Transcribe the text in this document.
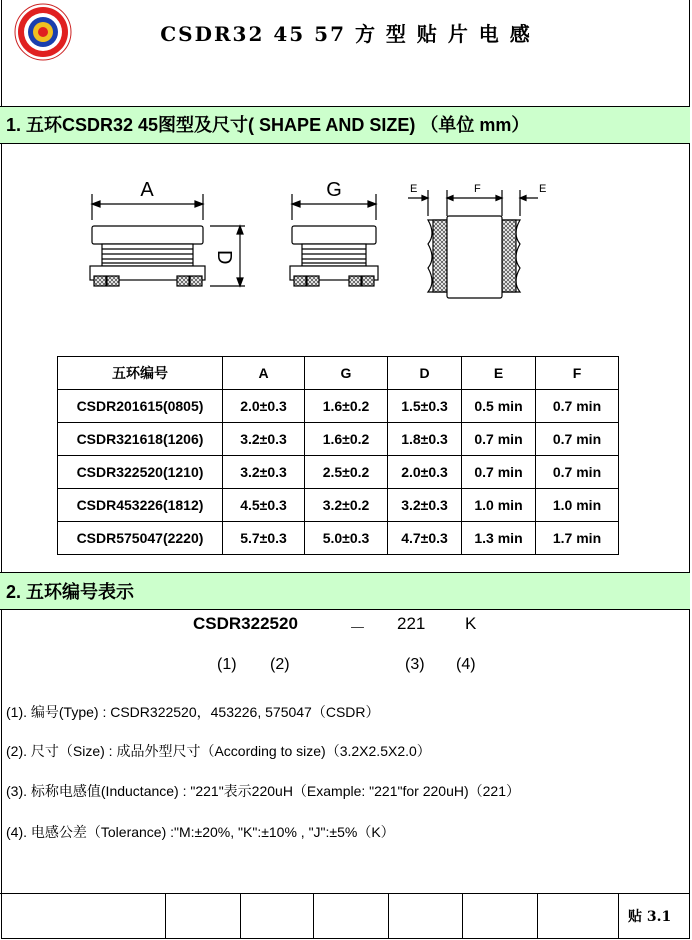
CSDR32 45 57 方 型 贴 片 电 感
1. 五环CSDR32 45图型及尺寸( SHAPE AND SIZE) （单位 mm）
A
D
G	E	F	E
五环编号	A	G	D	E	F
CSDR201615(0805)	2.0±0.3	1.6±0.2	1.5±0.3	0.5 min	0.7 min
CSDR321618(1206)	3.2±0.3	1.6±0.2	1.8±0.3	0.7 min	0.7 min
CSDR322520(1210)	3.2±0.3	2.5±0.2	2.0±0.3	0.7 min	0.7 min
CSDR453226(1812)	4.5±0.3	3.2±0.2	3.2±0.3	1.0 min	1.0 min
CSDR575047(2220)	5.7±0.3	5.0±0.3	4.7±0.3	1.3 min	1.7 min
2. 五环编号表示
CSDR322520	－ 221 K
(1) (2)	(3) (4)
(1). 编号(Type) : CSDR322520，453226, 575047（CSDR）
(2). 尺寸（Size) : 成品外型尺寸（According to size)（3.2X2.5X2.0）
(3). 标称电感值(Inductance) : "221"表示220uH（Example: "221"for 220uH)（221）
(4). 电感公差（Tolerance) :"M:±20%, "K":±10% , "J":±5%（K）
贴 3.1
